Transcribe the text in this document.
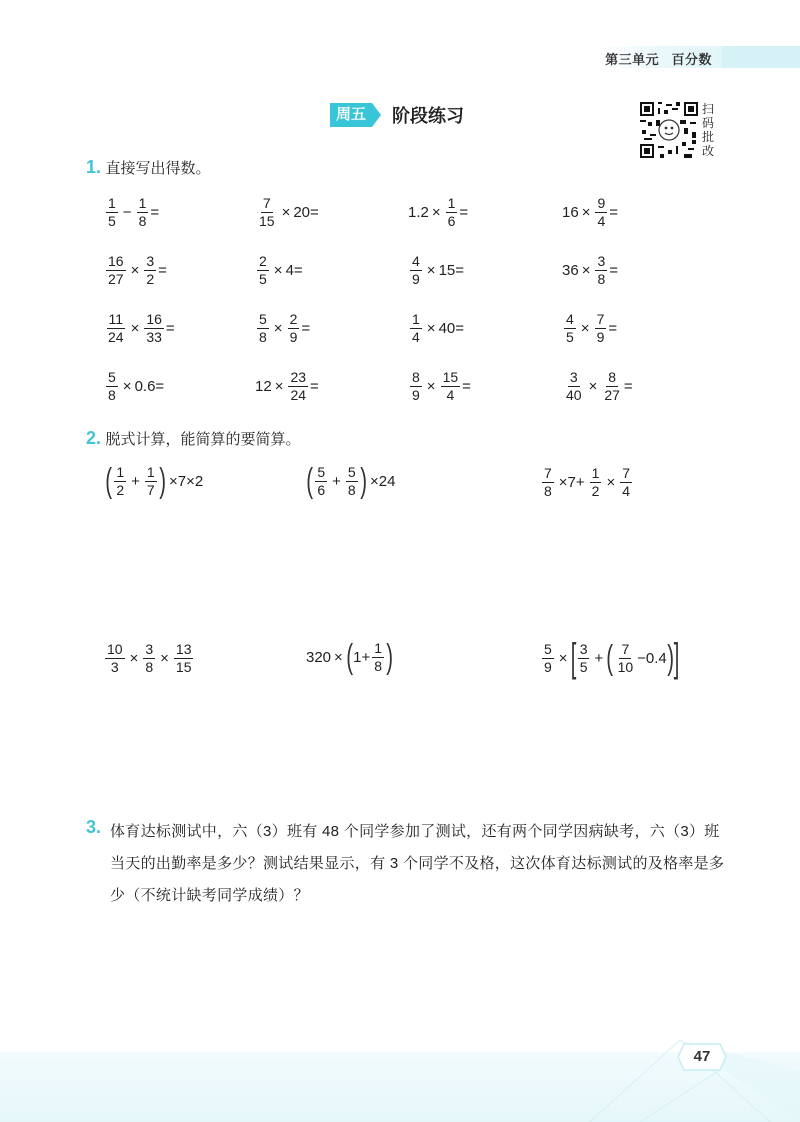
第三单元 百分数
周五	阶段练习	扫
码
批
改
1. 直接写出得数。
$\frac{1}{5} - \frac{1}{8}$ =	$\frac{7}{15} \times 20=$	$1.2 \times \frac{1}{6}$ =	$16 \times \frac{9}{4}$ =
$\frac{16}{27} \times \frac{3}{2}$ =	$\frac{2}{5} \times 4=$	$\frac{4}{9} \times 15=$	$36 \times \frac{3}{8}$ =
$\frac{11}{24} \times \frac{16}{33}$ =	$\frac{5}{8} \times \frac{2}{9}$ =	$\frac{1}{4} \times 40=$	$\frac{4}{5} \times \frac{7}{9}$ =
$\frac{5}{8} \times 0.6=$	$12 \times \frac{23}{24}$ =	$\frac{8}{9} \times \frac{15}{4}$ =	$\frac{3}{40} \times \frac{8}{27}$ =
2. 脱式计算，能简算的要简算。
( $\frac{1}{2} + \frac{1}{7}$ ) ×7×2	( $\frac{5}{6} + \frac{5}{8}$ ) ×24	$\frac{7}{8} \times 7+ \frac{1}{2} \times \frac{7}{4}$
$\frac{10}{3} \times \frac{3}{8} \times \frac{13}{15}$	320 × ( $1+ \frac{1}{8}$ )	$\frac{5}{9}$ × [ $\frac{3}{5}$ + ( $\frac{7}{10} -0.4$ ) ]
3. 体育达标测试中，六（3）班有 48 个同学参加了测试，还有两个同学因病缺考，六（3）班当天的出勤率是多少？测试结果显示，有 3 个同学不及格，这次体育达标测试的及格率是多少（不统计缺考同学成绩）？
47
